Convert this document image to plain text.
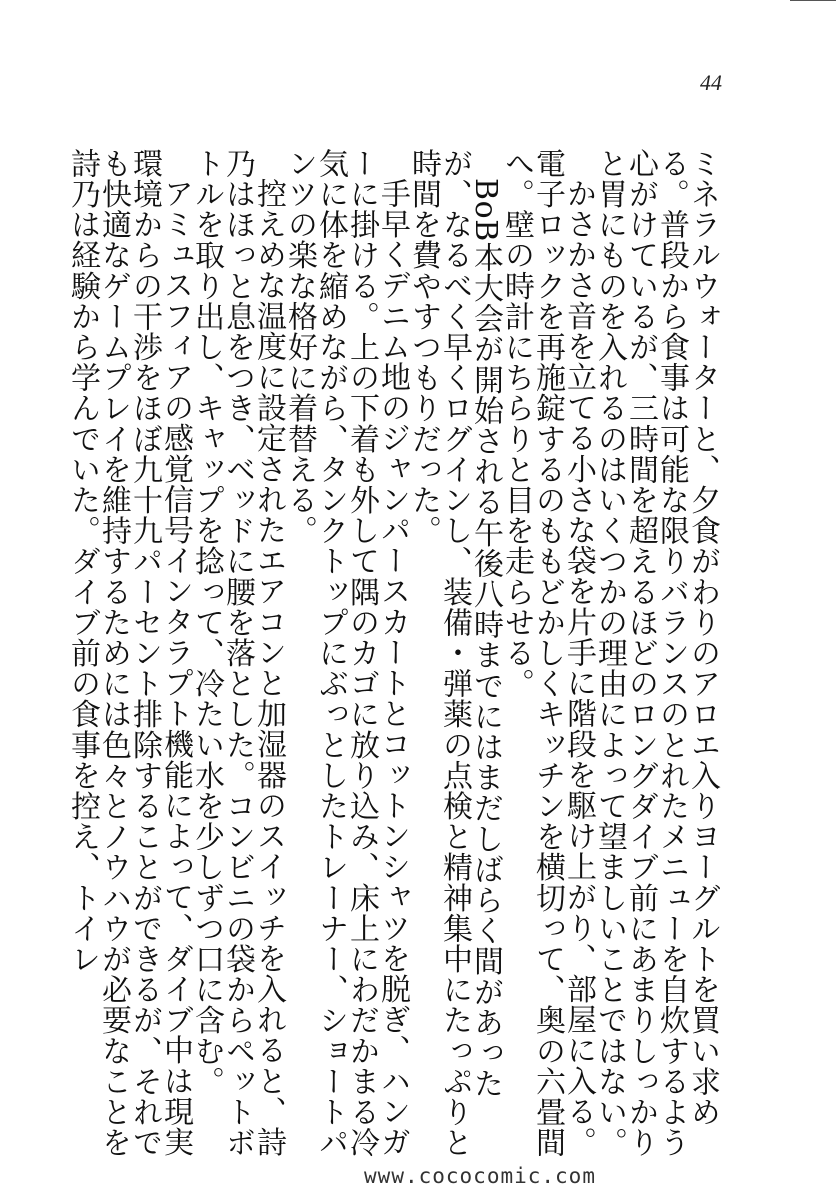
44

ミネラルウォーターと、夕食がわりのアロエ入りヨーグルトを買い求める。普段から食事は可能な限りバランスのとれたメニューを自炊するよう心がけているが、三時間を超えるほどのロングダイブ前にあまりしっかりと胃にものを入れるのはいくつかの理由によって望ましいことではない。

かさかさ音を立てる小さな袋を片手に階段を駆け上がり、部屋に入る。電子ロックを再施錠するのももどかしくキッチンを横切って、奥の六畳間へ。壁の時計にちらりと目を走らせる。

BoB本大会が開始される午後八時までにはまだしばらく間があったが、なるべく早くログインし、装備・弾薬の点検と精神集中にたっぷりと時間を費やすつもりだった。

手早くデニム地のジャンパースカートとコットンシャツを脱ぎ、ハンガーに掛ける。上の下着も外して隅のカゴに放り込み、床上にわだかまる冷気に体を縮めながら、タンクトップにぶっとしたトレーナー、ショートパンツの楽な格好に着替える。

控えめな温度に設定されたエアコンと加湿器のスイッチを入れると、詩乃はほっと息をつき、ベッドに腰を落とした。コンビニの袋からペットボトルを取り出し、キャップを捻って、冷たい水を少しずつ口に含む。

アミュスフィアの感覚信号インタラプト機能によって、ダイブ中は現実環境からの干渉をほぼ九十九パーセント排除することができるが、それでも快適なゲームプレイを維持するためには色々とノウハウが必要なことを詩乃は経験から学んでいた。ダイブ前の食事を控え、トイレ

www.cococomic.com
